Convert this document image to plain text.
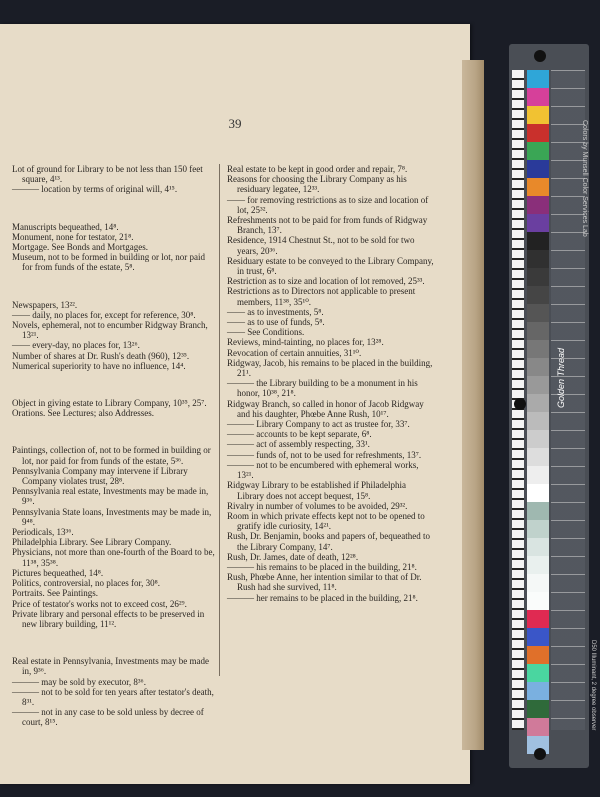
39

Lot of ground for Library to be not less than 150 feet square, 4¹³.

——— location by terms of original will, 4¹⁵.

Manuscripts bequeathed, 14⁸.

Monument, none for testator, 21⁸.

Mortgage. See Bonds and Mortgages.

Museum, not to be formed in building or lot, nor paid for from funds of the estate, 5⁸.

Newspapers, 13²².

—— daily, no places for, except for reference, 30⁸.

Novels, ephemeral, not to encumber Ridgway Branch, 13²¹.

—— every-day, no places for, 13²⁶.

Number of shares at Dr. Rush's death (960), 12³⁵.

Numerical superiority to have no influence, 14⁴.

Object in giving estate to Library Company, 10³⁵, 25⁷.

Orations. See Lectures; also Addresses.

Paintings, collection of, not to be formed in building or lot, nor paid for from funds of the estate, 5³⁶.

Pennsylvania Company may intervene if Library Company violates trust, 28⁸.

Pennsylvania real estate, Investments may be made in, 9³⁶.

Pennsylvania State loans, Investments may be made in, 9⁴⁸.

Periodicals, 13³⁶.

Philadelphia Library. See Library Company.

Physicians, not more than one-fourth of the Board to be, 11³⁸, 35³⁸.

Pictures bequeathed, 14⁸.

Politics, controversial, no places for, 30⁸.

Portraits. See Paintings.

Price of testator's works not to exceed cost, 26²⁹.

Private library and personal effects to be preserved in new library building, 11¹².

Real estate in Pennsylvania, Investments may be made in, 9³⁶.

——— may be sold by executor, 8³⁶.

——— not to be sold for ten years after testator's death, 8³¹.

——— not in any case to be sold unless by decree of court, 8¹⁵.

Real estate to be kept in good order and repair, 7⁸.

Reasons for choosing the Library Company as his residuary legatee, 12³³.

—— for removing restrictions as to size and location of lot, 25³².

Refreshments not to be paid for from funds of Ridgway Branch, 13⁷.

Residence, 1914 Chestnut St., not to be sold for two years, 20³⁶.

Residuary estate to be conveyed to the Library Company, in trust, 6⁸.

Restriction as to size and location of lot removed, 25³³.

Restrictions as to Directors not applicable to present members, 11³⁸, 35¹⁰.

—— as to investments, 5⁸.

—— as to use of funds, 5⁸.

—— See Conditions.

Reviews, mind-tainting, no places for, 13²⁸.

Revocation of certain annuities, 31¹⁰.

Ridgway, Jacob, his remains to be placed in the building, 21¹.

——— the Library building to be a monument in his honor, 10³⁸, 21⁸.

Ridgway Branch, so called in honor of Jacob Ridgway and his daughter, Phœbe Anne Rush, 10¹⁷.

——— Library Company to act as trustee for, 33⁷.

——— accounts to be kept separate, 6⁸.

——— act of assembly respecting, 33¹.

——— funds of, not to be used for refreshments, 13⁷.

——— not to be encumbered with ephemeral works, 13²¹.

Ridgway Library to be established if Philadelphia Library does not accept bequest, 15⁸.

Rivalry in number of volumes to be avoided, 29³².

Room in which private effects kept not to be opened to gratify idle curiosity, 14²¹.

Rush, Dr. Benjamin, books and papers of, bequeathed to the Library Company, 14⁷.

Rush, Dr. James, date of death, 12²⁸.

——— his remains to be placed in the building, 21⁸.

Rush, Phœbe Anne, her intention similar to that of Dr. Rush had she survived, 11⁸.

——— her remains to be placed in the building, 21⁸.

Colors by Munsell Color Services Lab
Golden Thread
D50 Illuminant, 2 degree observer
